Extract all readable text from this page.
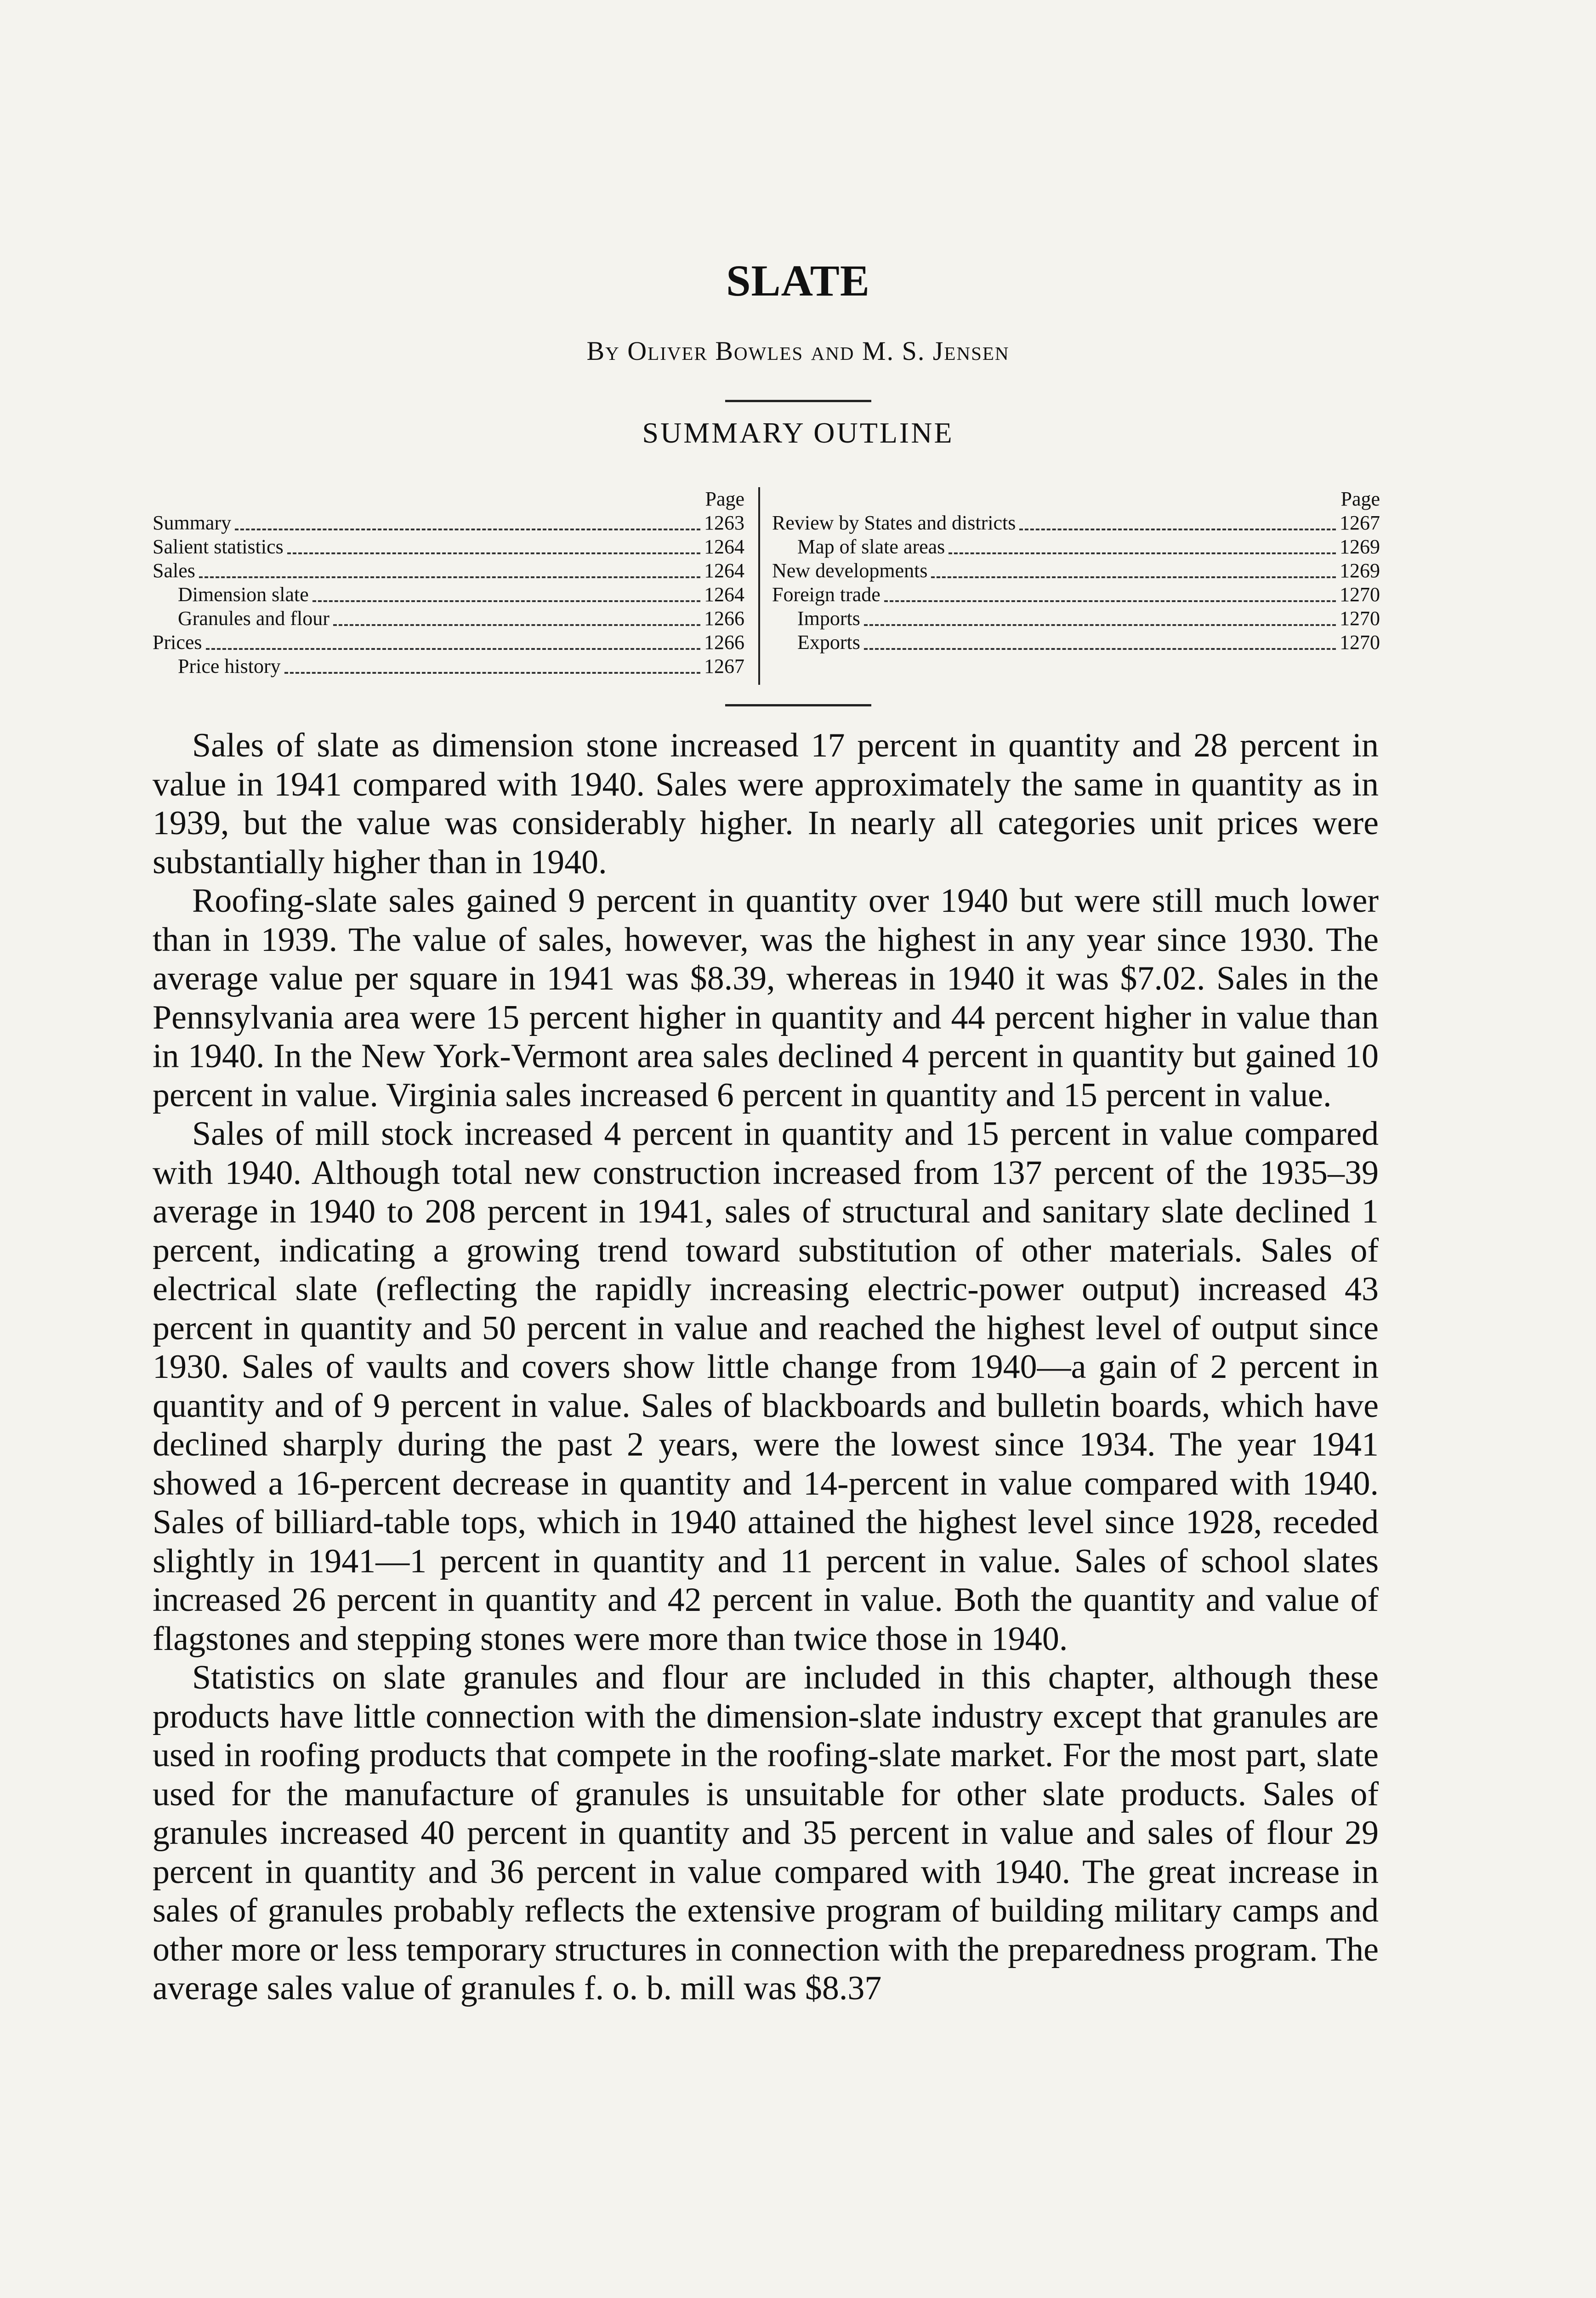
SLATE
By Oliver Bowles and M. S. Jensen
SUMMARY OUTLINE
Page
Summary	1263
Salient statistics	1264
Sales	1264
Dimension slate	1264
Granules and flour	1266
Prices	1266
Price history	1267
Page
Review by States and districts	1267
Map of slate areas	1269
New developments	1269
Foreign trade	1270
Imports	1270
Exports	1270

Sales of slate as dimension stone increased 17 percent in quantity and 28 percent in value in 1941 compared with 1940. Sales were approximately the same in quantity as in 1939, but the value was considerably higher. In nearly all categories unit prices were substantially higher than in 1940.

Roofing-slate sales gained 9 percent in quantity over 1940 but were still much lower than in 1939. The value of sales, however, was the highest in any year since 1930. The average value per square in 1941 was $8.39, whereas in 1940 it was $7.02. Sales in the Pennsylvania area were 15 percent higher in quantity and 44 percent higher in value than in 1940. In the New York-Vermont area sales declined 4 percent in quantity but gained 10 percent in value. Virginia sales increased 6 percent in quantity and 15 percent in value.

Sales of mill stock increased 4 percent in quantity and 15 percent in value compared with 1940. Although total new construction increased from 137 percent of the 1935–39 average in 1940 to 208 percent in 1941, sales of structural and sanitary slate declined 1 percent, indicating a growing trend toward substitution of other materials. Sales of electrical slate (reflecting the rapidly increasing electric-power output) increased 43 percent in quantity and 50 percent in value and reached the highest level of output since 1930. Sales of vaults and covers show little change from 1940—a gain of 2 percent in quantity and of 9 percent in value. Sales of blackboards and bulletin boards, which have declined sharply during the past 2 years, were the lowest since 1934. The year 1941 showed a 16-percent decrease in quantity and 14-percent in value compared with 1940. Sales of billiard-table tops, which in 1940 attained the highest level since 1928, receded slightly in 1941—1 percent in quantity and 11 percent in value. Sales of school slates increased 26 percent in quantity and 42 percent in value. Both the quantity and value of flagstones and stepping stones were more than twice those in 1940.

Statistics on slate granules and flour are included in this chapter, although these products have little connection with the dimension-slate industry except that granules are used in roofing products that compete in the roofing-slate market. For the most part, slate used for the manufacture of granules is unsuitable for other slate products. Sales of granules increased 40 percent in quantity and 35 percent in value and sales of flour 29 percent in quantity and 36 percent in value compared with 1940. The great increase in sales of granules probably reflects the extensive program of building military camps and other more or less temporary structures in connection with the preparedness program. The average sales value of granules f. o. b. mill was $8.37
